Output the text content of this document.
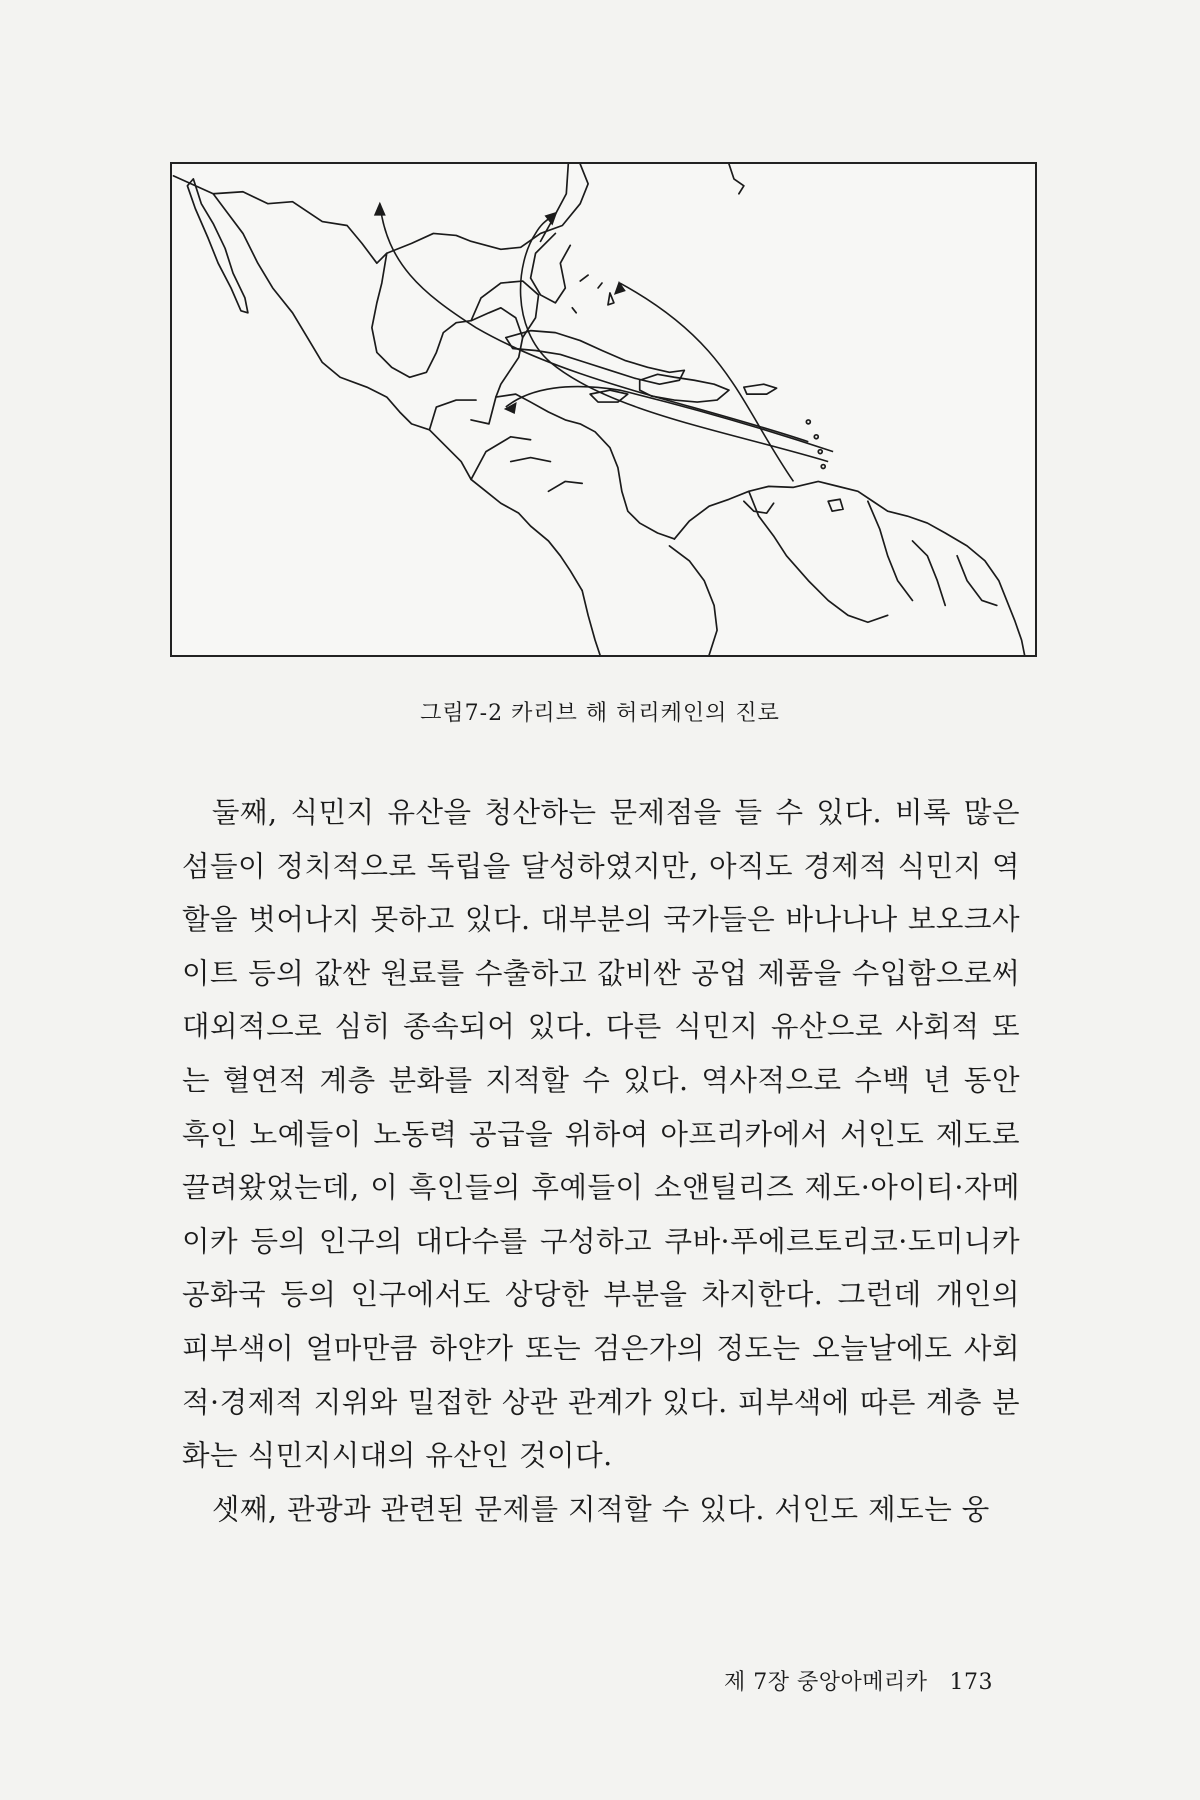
그림7-2 카리브 해 허리케인의 진로

둘째, 식민지 유산을 청산하는 문제점을 들 수 있다. 비록 많은 섬들이 정치적으로 독립을 달성하였지만, 아직도 경제적 식민지 역할을 벗어나지 못하고 있다. 대부분의 국가들은 바나나나 보오크사이트 등의 값싼 원료를 수출하고 값비싼 공업 제품을 수입함으로써 대외적으로 심히 종속되어 있다. 다른 식민지 유산으로 사회적 또는 혈연적 계층 분화를 지적할 수 있다. 역사적으로 수백 년 동안 흑인 노예들이 노동력 공급을 위하여 아프리카에서 서인도 제도로 끌려왔었는데, 이 흑인들의 후예들이 소앤틸리즈 제도·아이티·자메이카 등의 인구의 대다수를 구성하고 쿠바·푸에르토리코·도미니카 공화국 등의 인구에서도 상당한 부분을 차지한다. 그런데 개인의 피부색이 얼마만큼 하얀가 또는 검은가의 정도는 오늘날에도 사회적·경제적 지위와 밀접한 상관 관계가 있다. 피부색에 따른 계층 분화는 식민지시대의 유산인 것이다.

셋째, 관광과 관련된 문제를 지적할 수 있다. 서인도 제도는 웅

제 7장 중앙아메리카 173
